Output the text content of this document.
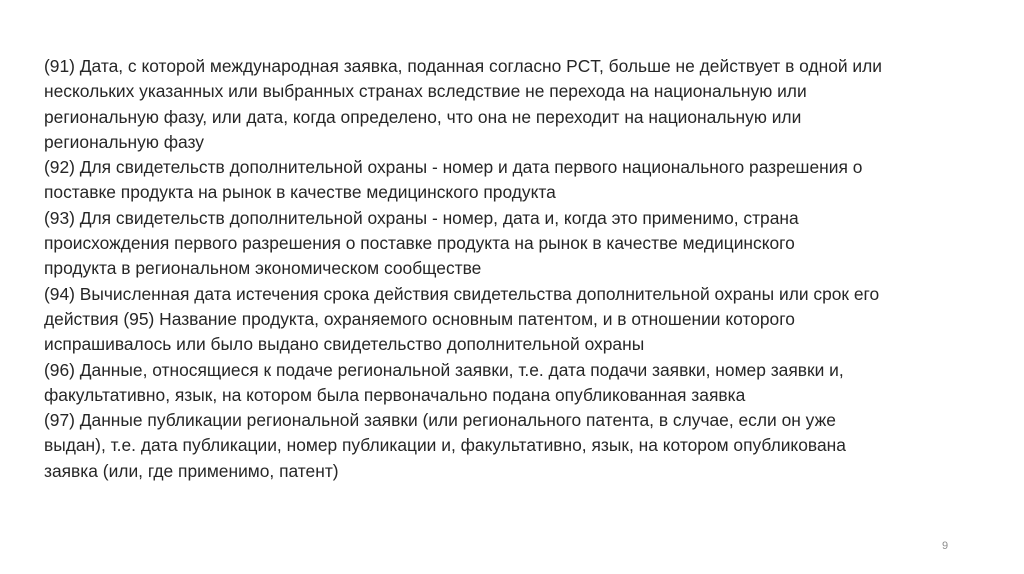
(91) Дата, с которой международная заявка, поданная согласно PCT, больше не действует в одной или
нескольких указанных или выбранных странах вследствие не перехода на национальную или
региональную фазу, или дата, когда определено, что она не переходит на национальную или
региональную фазу

(92) Для свидетельств дополнительной охраны - номер и дата первого национального разрешения о
поставке продукта на рынок в качестве медицинского продукта

(93) Для свидетельств дополнительной охраны - номер, дата и, когда это применимо, страна
происхождения первого разрешения о поставке продукта на рынок в качестве медицинского
продукта в региональном экономическом сообществе

(94) Вычисленная дата истечения срока действия свидетельства дополнительной охраны или срок его
действия (95) Название продукта, охраняемого основным патентом, и в отношении которого
испрашивалось или было выдано свидетельство дополнительной охраны

(96) Данные, относящиеся к подаче региональной заявки, т.е. дата подачи заявки, номер заявки и,
факультативно, язык, на котором была первоначально подана опубликованная заявка

(97) Данные публикации региональной заявки (или регионального патента, в случае, если он уже
выдан), т.е. дата публикации, номер публикации и, факультативно, язык, на котором опубликована
заявка (или, где применимо, патент)

9
